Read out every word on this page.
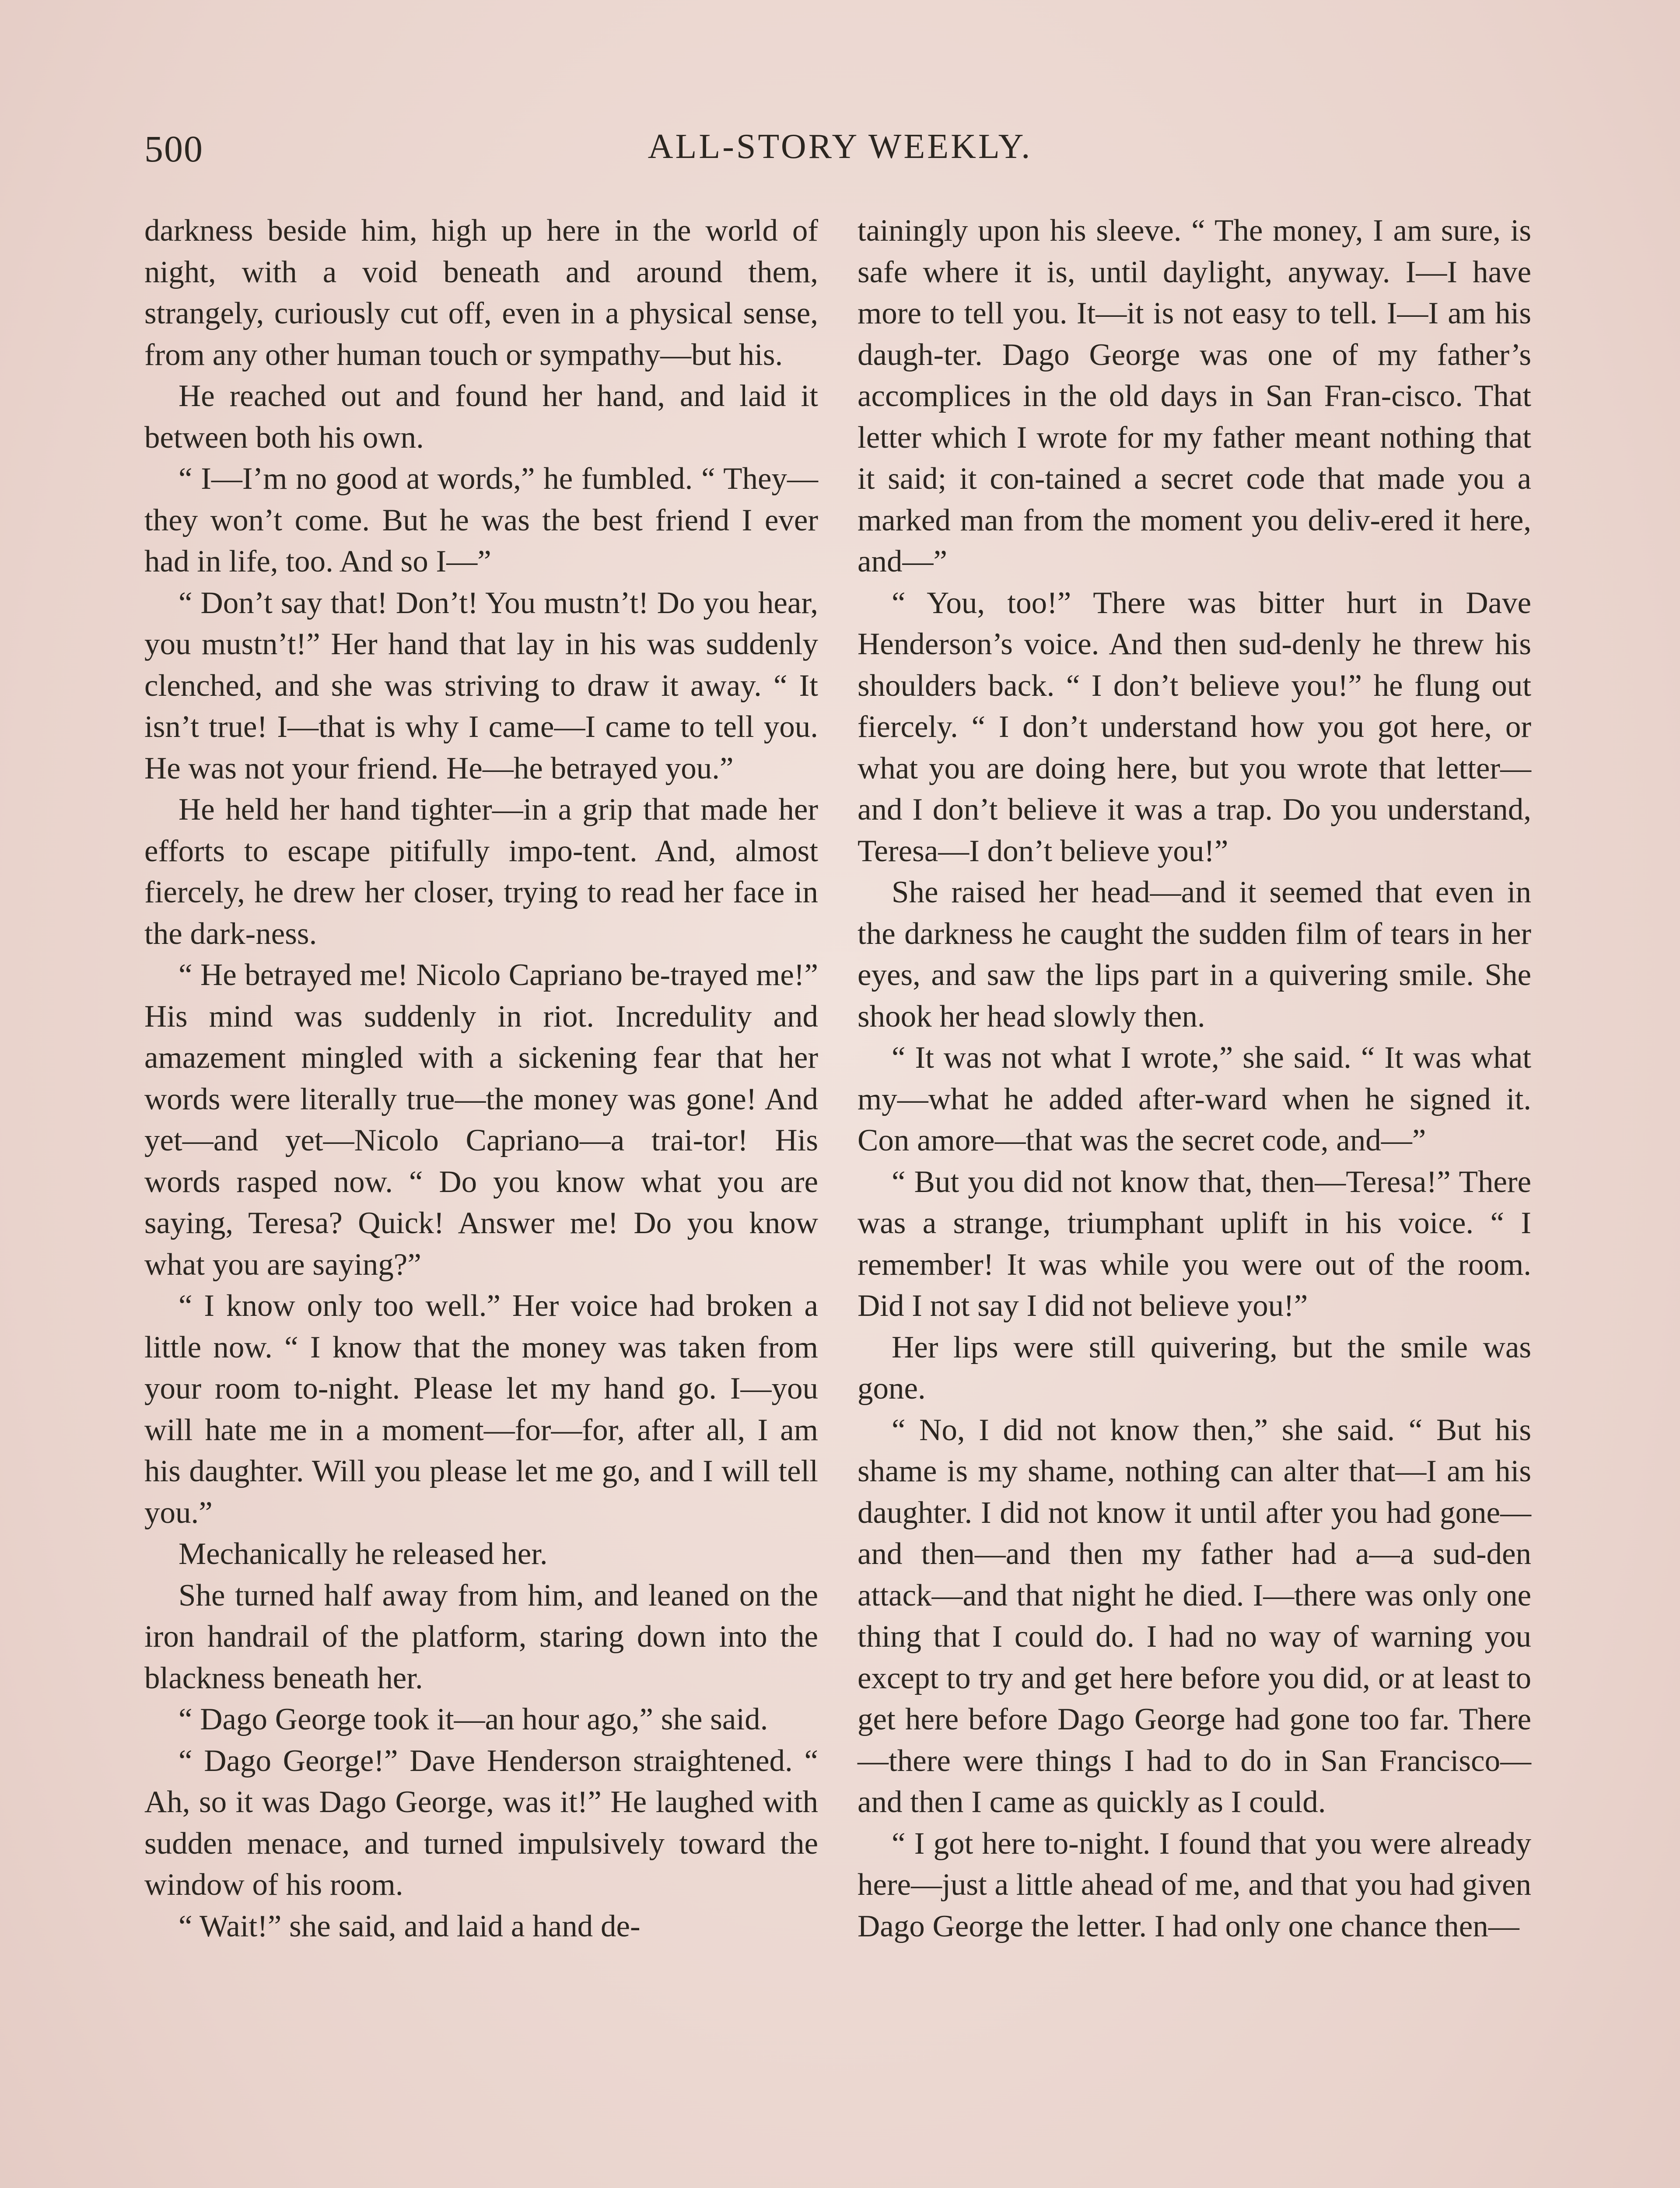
500	ALL-STORY WEEKLY.

darkness beside him, high up here in the world of night, with a void beneath and around them, strangely, curiously cut off, even in a physical sense, from any other human touch or sympathy—but his.

He reached out and found her hand, and laid it between both his own.

“ I—I’m no good at words,” he fumbled. “ They—they won’t come. But he was the best friend I ever had in life, too. And so I—”

“ Don’t say that! Don’t! You mustn’t! Do you hear, you mustn’t!” Her hand that lay in his was suddenly clenched, and she was striving to draw it away. “ It isn’t true! I—that is why I came—I came to tell you. He was not your friend. He—he betrayed you.”

He held her hand tighter—in a grip that made her efforts to escape pitifully impo-tent. And, almost fiercely, he drew her closer, trying to read her face in the dark-ness.

“ He betrayed me! Nicolo Capriano be-trayed me!” His mind was suddenly in riot. Incredulity and amazement mingled with a sickening fear that her words were literally true—the money was gone! And yet—and yet—Nicolo Capriano—a trai-tor! His words rasped now. “ Do you know what you are saying, Teresa? Quick! Answer me! Do you know what you are saying?”

“ I know only too well.” Her voice had broken a little now. “ I know that the money was taken from your room to-night. Please let my hand go. I—you will hate me in a moment—for—for, after all, I am his daughter. Will you please let me go, and I will tell you.”

Mechanically he released her.

She turned half away from him, and leaned on the iron handrail of the platform, staring down into the blackness beneath her.

“ Dago George took it—an hour ago,” she said.

“ Dago George!” Dave Henderson straightened. “ Ah, so it was Dago George, was it!” He laughed with sudden menace, and turned impulsively toward the window of his room.

“ Wait!” she said, and laid a hand de-

tainingly upon his sleeve. “ The money, I am sure, is safe where it is, until daylight, anyway. I—I have more to tell you. It—it is not easy to tell. I—I am his daugh-ter. Dago George was one of my father’s accomplices in the old days in San Fran-cisco. That letter which I wrote for my father meant nothing that it said; it con-tained a secret code that made you a marked man from the moment you deliv-ered it here, and—”

“ You, too!” There was bitter hurt in Dave Henderson’s voice. And then sud-denly he threw his shoulders back. “ I don’t believe you!” he flung out fiercely. “ I don’t understand how you got here, or what you are doing here, but you wrote that letter—and I don’t believe it was a trap. Do you understand, Teresa—I don’t believe you!”

She raised her head—and it seemed that even in the darkness he caught the sudden film of tears in her eyes, and saw the lips part in a quivering smile. She shook her head slowly then.

“ It was not what I wrote,” she said. “ It was what my—what he added after-ward when he signed it. Con amore—that was the secret code, and—”

“ But you did not know that, then—Teresa!” There was a strange, triumphant uplift in his voice. “ I remember! It was while you were out of the room. Did I not say I did not believe you!”

Her lips were still quivering, but the smile was gone.

“ No, I did not know then,” she said. “ But his shame is my shame, nothing can alter that—I am his daughter. I did not know it until after you had gone—and then—and then my father had a—a sud-den attack—and that night he died. I—there was only one thing that I could do. I had no way of warning you except to try and get here before you did, or at least to get here before Dago George had gone too far. There—there were things I had to do in San Francisco—and then I came as quickly as I could.

“ I got here to-night. I found that you were already here—just a little ahead of me, and that you had given Dago George the letter. I had only one chance then—
